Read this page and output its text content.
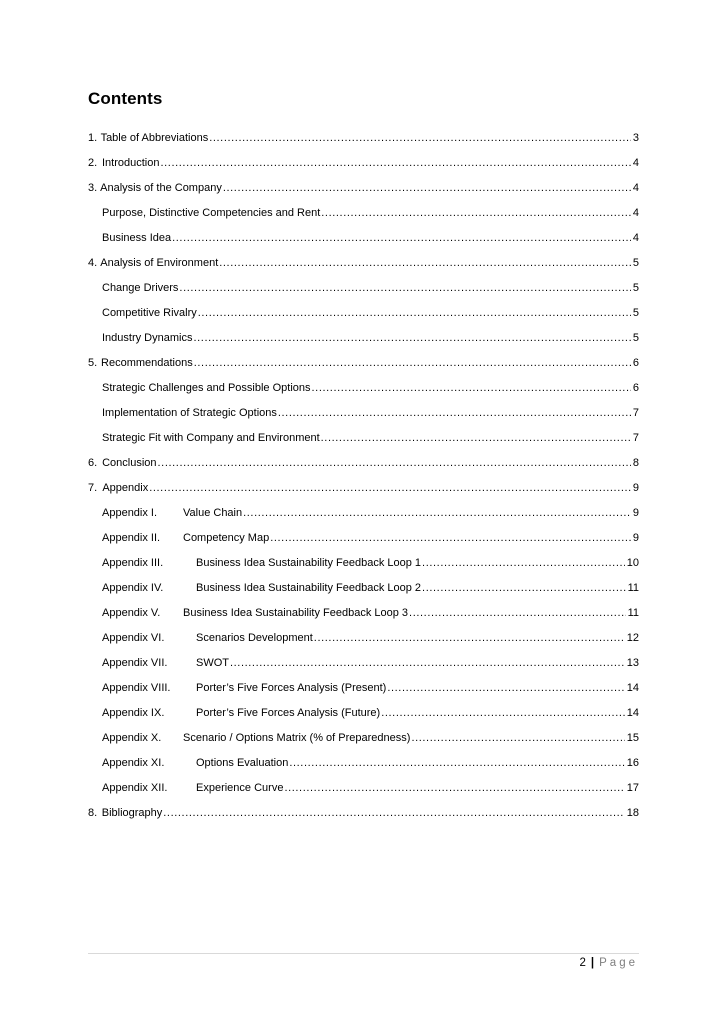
Contents
1. Table of Abbreviations .....	3
2. Introduction .....	4
3. Analysis of the Company .....	4
Purpose, Distinctive Competencies and Rent .....	4
Business Idea .....	4
4. Analysis of Environment .....	5
Change Drivers .....	5
Competitive Rivalry .....	5
Industry Dynamics .....	5
5. Recommendations .....	6
Strategic Challenges and Possible Options .....	6
Implementation of Strategic Options .....	7
Strategic Fit with Company and Environment .....	7
6. Conclusion .....	8
7. Appendix .....	9
Appendix I. Value Chain .....	9
Appendix II. Competency Map .....	9
Appendix III.	Business Idea Sustainability Feedback Loop 1 .....	10
Appendix IV.	Business Idea Sustainability Feedback Loop 2 .....	11
Appendix V. Business Idea Sustainability Feedback Loop 3 .....	11
Appendix VI.	Scenarios Development .....	12
Appendix VII.	SWOT .....	13
Appendix VIII. Porter’s Five Forces Analysis (Present) .....	14
Appendix IX.	Porter’s Five Forces Analysis (Future) .....	14
Appendix X. Scenario / Options Matrix (% of Preparedness) .....	15
Appendix XI.	Options Evaluation .....	16
Appendix XII.	Experience Curve .....	17
8. Bibliography .....	18
2 | Page
